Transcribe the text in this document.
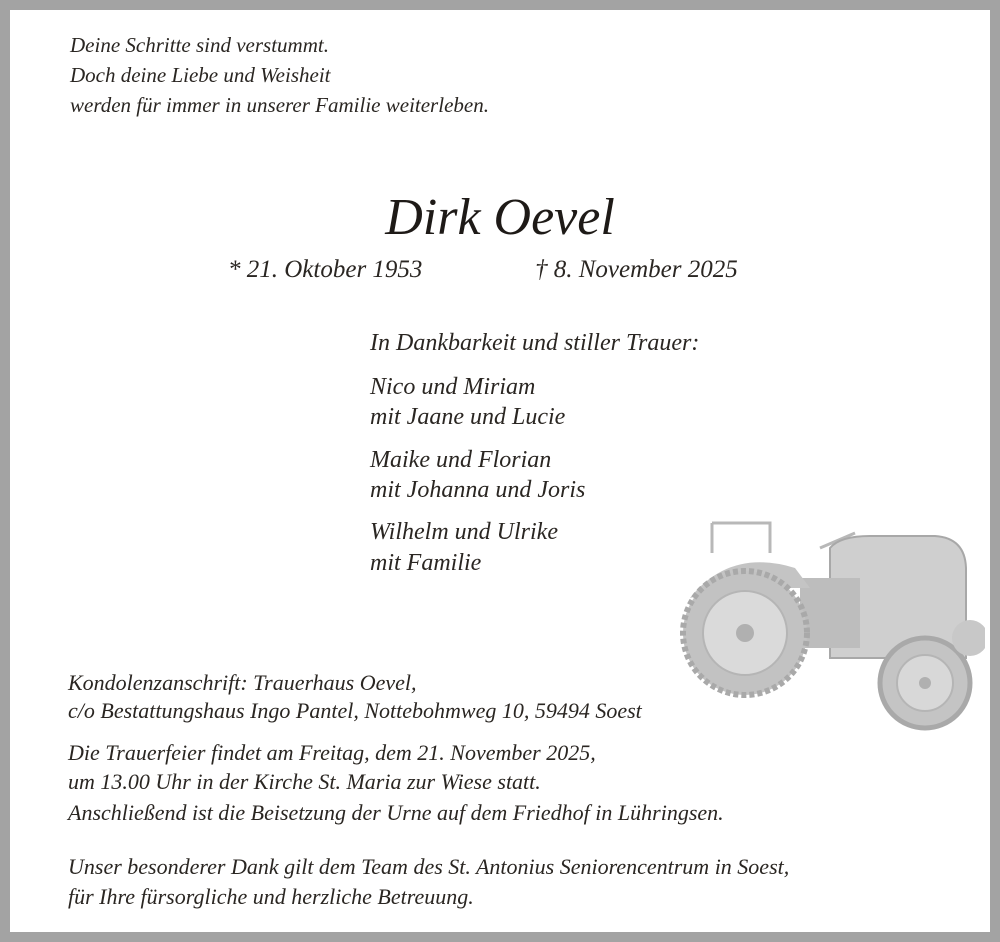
Deine Schritte sind verstummt.
Doch deine Liebe und Weisheit
werden für immer in unserer Familie weiterleben.
Dirk Oevel
* 21. Oktober 1953	† 8. November 2025
In Dankbarkeit und stiller Trauer:
Nico und Miriam
mit Jaane und Lucie
Maike und Florian
mit Johanna und Joris
Wilhelm und Ulrike
mit Familie
Kondolenzanschrift: Trauerhaus Oevel,
c/o Bestattungshaus Ingo Pantel, Nottebohmweg 10, 59494 Soest
Die Trauerfeier findet am Freitag, dem 21. November 2025,
um 13.00 Uhr in der Kirche St. Maria zur Wiese statt.
Anschließend ist die Beisetzung der Urne auf dem Friedhof in Lühringsen.
Unser besonderer Dank gilt dem Team des St. Antonius Seniorencentrum in Soest,
für Ihre fürsorgliche und herzliche Betreuung.
